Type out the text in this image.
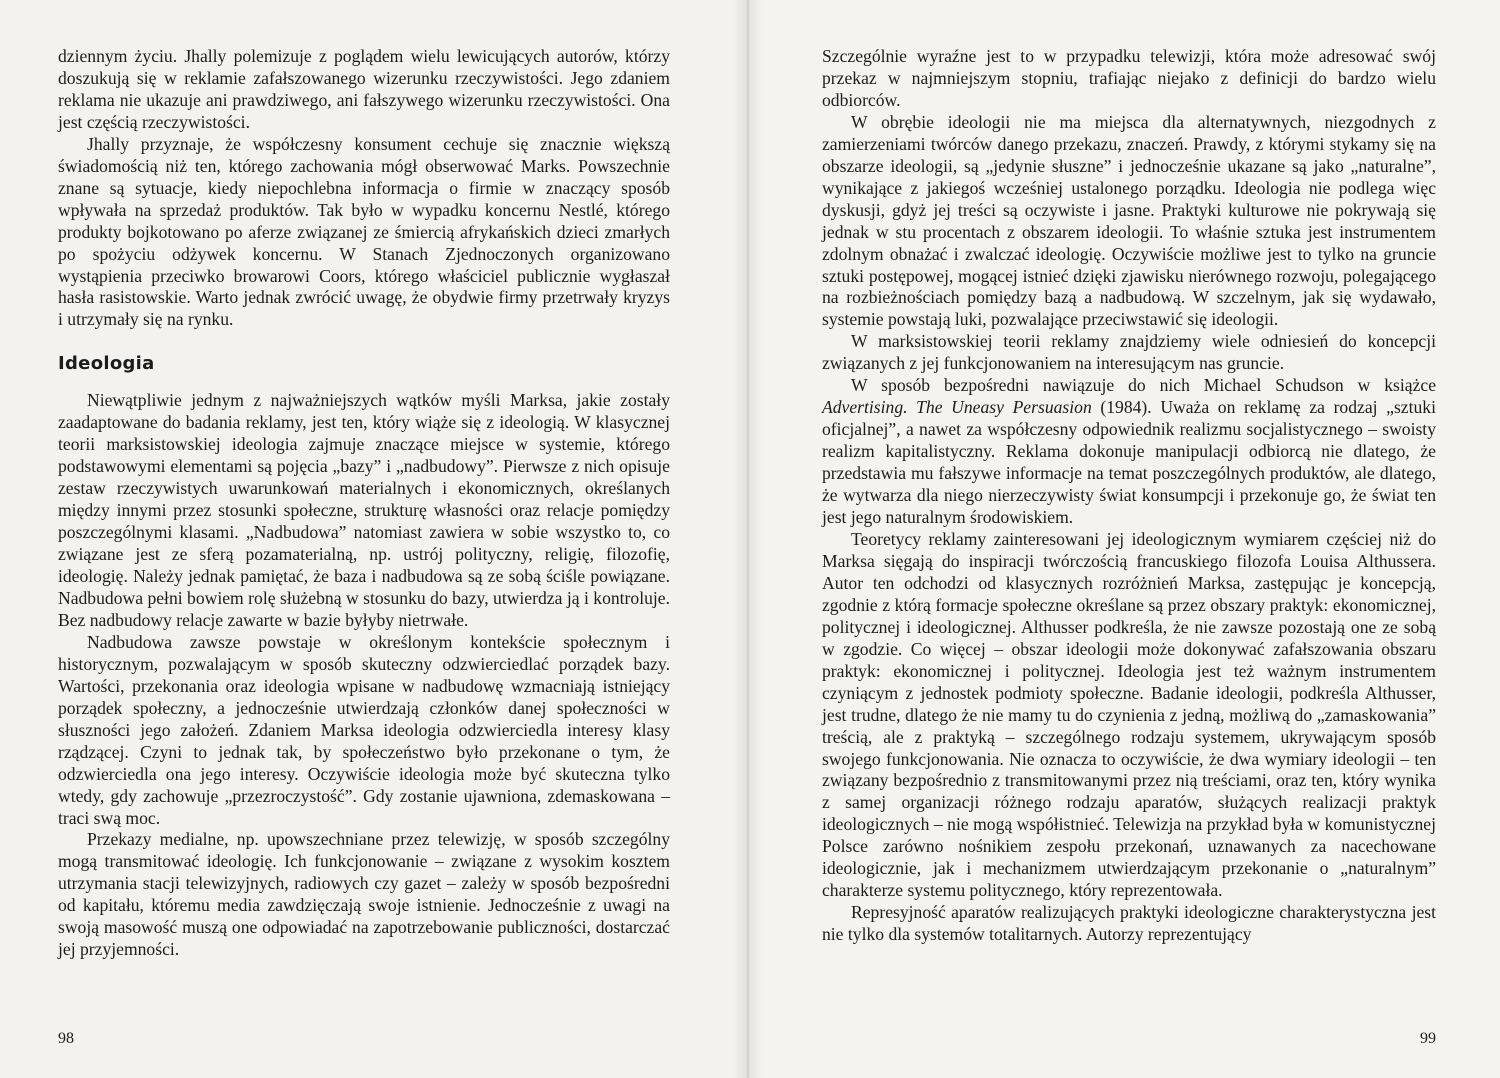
dziennym życiu. Jhally polemizuje z poglądem wielu lewicujących autorów, którzy doszukują się w reklamie zafałszowanego wizerunku rzeczywistości. Jego zdaniem reklama nie ukazuje ani prawdziwego, ani fałszywego wizerunku rzeczywistości. Ona jest częścią rzeczywistości.

Jhally przyznaje, że współczesny konsument cechuje się znacznie większą świadomością niż ten, którego zachowania mógł obserwować Marks. Powszechnie znane są sytuacje, kiedy niepochlebna informacja o firmie w znaczący sposób wpływała na sprzedaż produktów. Tak było w wypadku koncernu Nestlé, którego produkty bojkotowano po aferze związanej ze śmiercią afrykańskich dzieci zmarłych po spożyciu odżywek koncernu. W Stanach Zjednoczonych organizowano wystąpienia przeciwko browarowi Coors, którego właściciel publicznie wygłaszał hasła rasistowskie. Warto jednak zwrócić uwagę, że obydwie firmy przetrwały kryzys i utrzymały się na rynku.

Ideologia

Niewątpliwie jednym z najważniejszych wątków myśli Marksa, jakie zostały zaadaptowane do badania reklamy, jest ten, który wiąże się z ideologią. W klasycznej teorii marksistowskiej ideologia zajmuje znaczące miejsce w systemie, którego podstawowymi elementami są pojęcia „bazy” i „nadbudowy”. Pierwsze z nich opisuje zestaw rzeczywistych uwarunkowań materialnych i ekonomicznych, określanych między innymi przez stosunki społeczne, strukturę własności oraz relacje pomiędzy poszczególnymi klasami. „Nadbudowa” natomiast zawiera w sobie wszystko to, co związane jest ze sferą pozamaterialną, np. ustrój polityczny, religię, filozofię, ideologię. Należy jednak pamiętać, że baza i nadbudowa są ze sobą ściśle powiązane. Nadbudowa pełni bowiem rolę służebną w stosunku do bazy, utwierdza ją i kontroluje. Bez nadbudowy relacje zawarte w bazie byłyby nietrwałe.

Nadbudowa zawsze powstaje w określonym kontekście społecznym i historycznym, pozwalającym w sposób skuteczny odzwierciedlać porządek bazy. Wartości, przekonania oraz ideologia wpisane w nadbudowę wzmacniają istniejący porządek społeczny, a jednocześnie utwierdzają członków danej społeczności w słuszności jego założeń. Zdaniem Marksa ideologia odzwierciedla interesy klasy rządzącej. Czyni to jednak tak, by społeczeństwo było przekonane o tym, że odzwierciedla ona jego interesy. Oczywiście ideologia może być skuteczna tylko wtedy, gdy zachowuje „przezroczystość”. Gdy zostanie ujawniona, zdemaskowana – traci swą moc.

Przekazy medialne, np. upowszechniane przez telewizję, w sposób szczególny mogą transmitować ideologię. Ich funkcjonowanie – związane z wysokim kosztem utrzymania stacji telewizyjnych, radiowych czy gazet – zależy w sposób bezpośredni od kapitału, któremu media zawdzięczają swoje istnienie. Jednocześnie z uwagi na swoją masowość muszą one odpowiadać na zapotrzebowanie publiczności, dostarczać jej przyjemności.

98

Szczególnie wyraźne jest to w przypadku telewizji, która może adresować swój przekaz w najmniejszym stopniu, trafiając niejako z definicji do bardzo wielu odbiorców.

W obrębie ideologii nie ma miejsca dla alternatywnych, niezgodnych z zamierzeniami twórców danego przekazu, znaczeń. Prawdy, z którymi stykamy się na obszarze ideologii, są „jedynie słuszne” i jednocześnie ukazane są jako „naturalne”, wynikające z jakiegoś wcześniej ustalonego porządku. Ideologia nie podlega więc dyskusji, gdyż jej treści są oczywiste i jasne. Praktyki kulturowe nie pokrywają się jednak w stu procentach z obszarem ideologii. To właśnie sztuka jest instrumentem zdolnym obnażać i zwalczać ideologię. Oczywiście możliwe jest to tylko na gruncie sztuki postępowej, mogącej istnieć dzięki zjawisku nierównego rozwoju, polegającego na rozbieżnościach pomiędzy bazą a nadbudową. W szczelnym, jak się wydawało, systemie powstają luki, pozwalające przeciwstawić się ideologii.

W marksistowskiej teorii reklamy znajdziemy wiele odniesień do koncepcji związanych z jej funkcjonowaniem na interesującym nas gruncie.

W sposób bezpośredni nawiązuje do nich Michael Schudson w książce Advertising. The Uneasy Persuasion (1984). Uważa on reklamę za rodzaj „sztuki oficjalnej”, a nawet za współczesny odpowiednik realizmu socjalistycznego – swoisty realizm kapitalistyczny. Reklama dokonuje manipulacji odbiorcą nie dlatego, że przedstawia mu fałszywe informacje na temat poszczególnych produktów, ale dlatego, że wytwarza dla niego nierzeczywisty świat konsumpcji i przekonuje go, że świat ten jest jego naturalnym środowiskiem.

Teoretycy reklamy zainteresowani jej ideologicznym wymiarem częściej niż do Marksa sięgają do inspiracji twórczością francuskiego filozofa Louisa Althussera. Autor ten odchodzi od klasycznych rozróżnień Marksa, zastępując je koncepcją, zgodnie z którą formacje społeczne określane są przez obszary praktyk: ekonomicznej, politycznej i ideologicznej. Althusser podkreśla, że nie zawsze pozostają one ze sobą w zgodzie. Co więcej – obszar ideologii może dokonywać zafałszowania obszaru praktyk: ekonomicznej i politycznej. Ideologia jest też ważnym instrumentem czyniącym z jednostek podmioty społeczne. Badanie ideologii, podkreśla Althusser, jest trudne, dlatego że nie mamy tu do czynienia z jedną, możliwą do „zamaskowania” treścią, ale z praktyką – szczególnego rodzaju systemem, ukrywającym sposób swojego funkcjonowania. Nie oznacza to oczywiście, że dwa wymiary ideologii – ten związany bezpośrednio z transmitowanymi przez nią treściami, oraz ten, który wynika z samej organizacji różnego rodzaju aparatów, służących realizacji praktyk ideologicznych – nie mogą współistnieć. Telewizja na przykład była w komunistycznej Polsce zarówno nośnikiem zespołu przekonań, uznawanych za nacechowane ideologicznie, jak i mechanizmem utwierdzającym przekonanie o „naturalnym” charakterze systemu politycznego, który reprezentowała.

Represyjność aparatów realizujących praktyki ideologiczne charakterystyczna jest nie tylko dla systemów totalitarnych. Autorzy reprezentujący

99
